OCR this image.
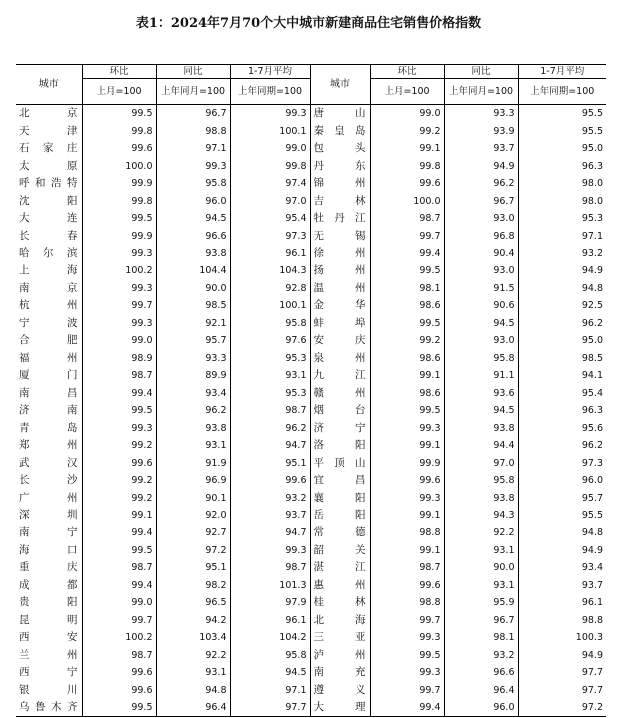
表1：2024年7月70个大中城市新建商品住宅销售价格指数
城市	环比	同比	1-7月平均	城市	环比	同比	1-7月平均
	上月=100	上年同月=100	上年同期=100		上月=100	上年同月=100	上年同期=100
北京	99.5	96.7	99.3	唐山	99.0	93.3	95.5
天津	99.8	98.8	100.1	秦皇岛	99.2	93.9	95.5
石家庄	99.6	97.1	99.0	包头	99.1	93.7	95.0
太原	100.0	99.3	99.8	丹东	99.8	94.9	96.3
呼和浩特	99.9	95.8	97.4	锦州	99.6	96.2	98.0
沈阳	99.8	96.0	97.0	吉林	100.0	96.7	98.0
大连	99.5	94.5	95.4	牡丹江	98.7	93.0	95.3
长春	99.9	96.6	97.3	无锡	99.7	96.8	97.1
哈尔滨	99.3	93.8	96.1	徐州	99.4	90.4	93.2
上海	100.2	104.4	104.3	扬州	99.5	93.0	94.9
南京	99.3	90.0	92.8	温州	98.1	91.5	94.8
杭州	99.7	98.5	100.1	金华	98.6	90.6	92.5
宁波	99.3	92.1	95.8	蚌埠	99.5	94.5	96.2
合肥	99.0	95.7	97.6	安庆	99.2	93.0	95.0
福州	98.9	93.3	95.3	泉州	98.6	95.8	98.5
厦门	98.7	89.9	93.1	九江	99.1	91.1	94.1
南昌	99.4	93.4	95.3	赣州	98.6	93.6	95.4
济南	99.5	96.2	98.7	烟台	99.5	94.5	96.3
青岛	99.3	93.8	96.2	济宁	99.3	93.8	95.6
郑州	99.2	93.1	94.7	洛阳	99.1	94.4	96.2
武汉	99.6	91.9	95.1	平顶山	99.9	97.0	97.3
长沙	99.2	96.9	99.6	宜昌	99.6	95.8	96.0
广州	99.2	90.1	93.2	襄阳	99.3	93.8	95.7
深圳	99.1	92.0	93.7	岳阳	99.1	94.3	95.5
南宁	99.4	92.7	94.7	常德	98.8	92.2	94.8
海口	99.5	97.2	99.3	韶关	99.1	93.1	94.9
重庆	98.7	95.1	98.7	湛江	98.7	90.0	93.4
成都	99.4	98.2	101.3	惠州	99.6	93.1	93.7
贵阳	99.0	96.5	97.9	桂林	98.8	95.9	96.1
昆明	99.7	94.2	96.1	北海	99.7	96.7	98.8
西安	100.2	103.4	104.2	三亚	99.3	98.1	100.3
兰州	98.7	92.2	95.8	泸州	99.5	93.2	94.9
西宁	99.6	93.1	94.5	南充	99.3	96.6	97.7
银川	99.6	94.8	97.1	遵义	99.7	96.4	97.7
乌鲁木齐	99.5	96.4	97.7	大理	99.4	96.0	97.2
